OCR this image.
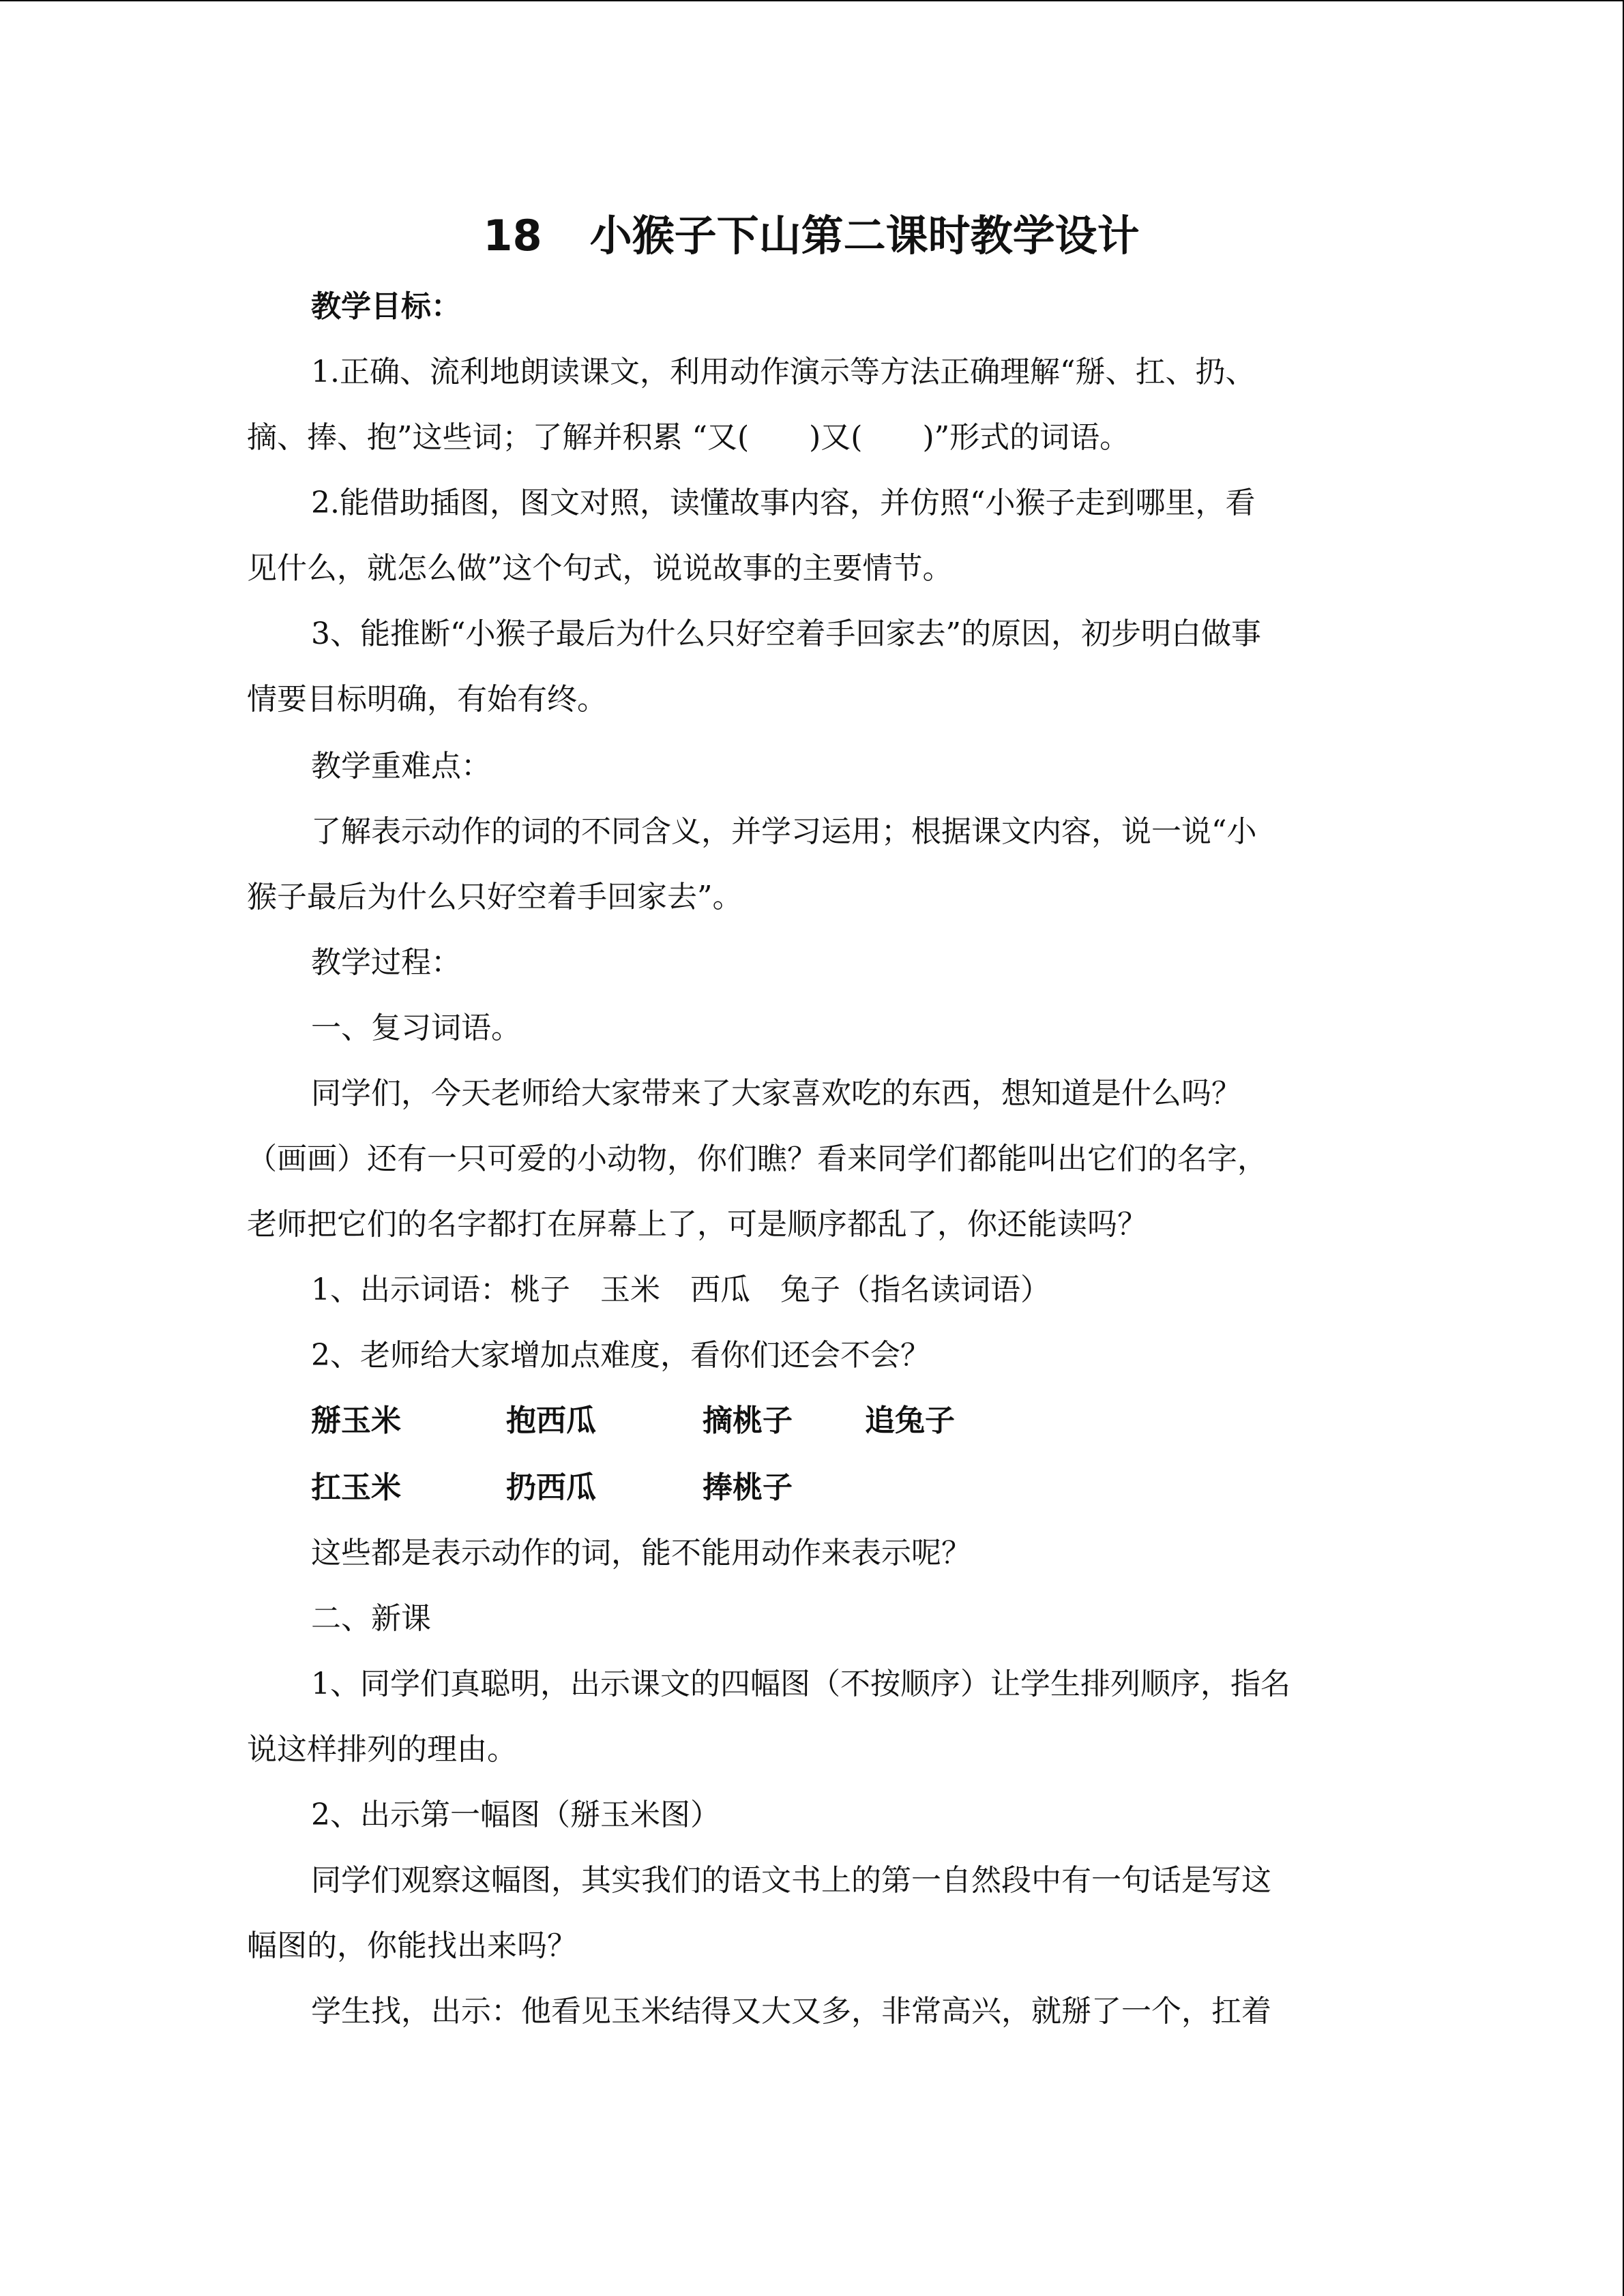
18 小猴子下山第二课时教学设计
教学目标：
1.正确、流利地朗读课文，利用动作演示等方法正确理解“掰、扛、扔、
摘、捧、抱”这些词；了解并积累 “又(　　)又(　　)”形式的词语。
2.能借助插图，图文对照，读懂故事内容，并仿照“小猴子走到哪里，看
见什么，就怎么做”这个句式，说说故事的主要情节。
3、能推断“小猴子最后为什么只好空着手回家去”的原因，初步明白做事
情要目标明确，有始有终。
教学重难点：
了解表示动作的词的不同含义，并学习运用；根据课文内容，说一说“小
猴子最后为什么只好空着手回家去”。
教学过程：
一、复习词语。
同学们，今天老师给大家带来了大家喜欢吃的东西，想知道是什么吗？
（画画）还有一只可爱的小动物，你们瞧？看来同学们都能叫出它们的名字，
老师把它们的名字都打在屏幕上了，可是顺序都乱了，你还能读吗？
1、出示词语：桃子　玉米　西瓜　兔子（指名读词语）
2、老师给大家增加点难度，看你们还会不会？
掰玉米	抱西瓜	摘桃子 追兔子
扛玉米	扔西瓜	捧桃子
这些都是表示动作的词，能不能用动作来表示呢？
二、新课
1、同学们真聪明，出示课文的四幅图（不按顺序）让学生排列顺序，指名
说这样排列的理由。
2、出示第一幅图（掰玉米图）
同学们观察这幅图，其实我们的语文书上的第一自然段中有一句话是写这
幅图的，你能找出来吗？
学生找，出示：他看见玉米结得又大又多，非常高兴，就掰了一个，扛着
